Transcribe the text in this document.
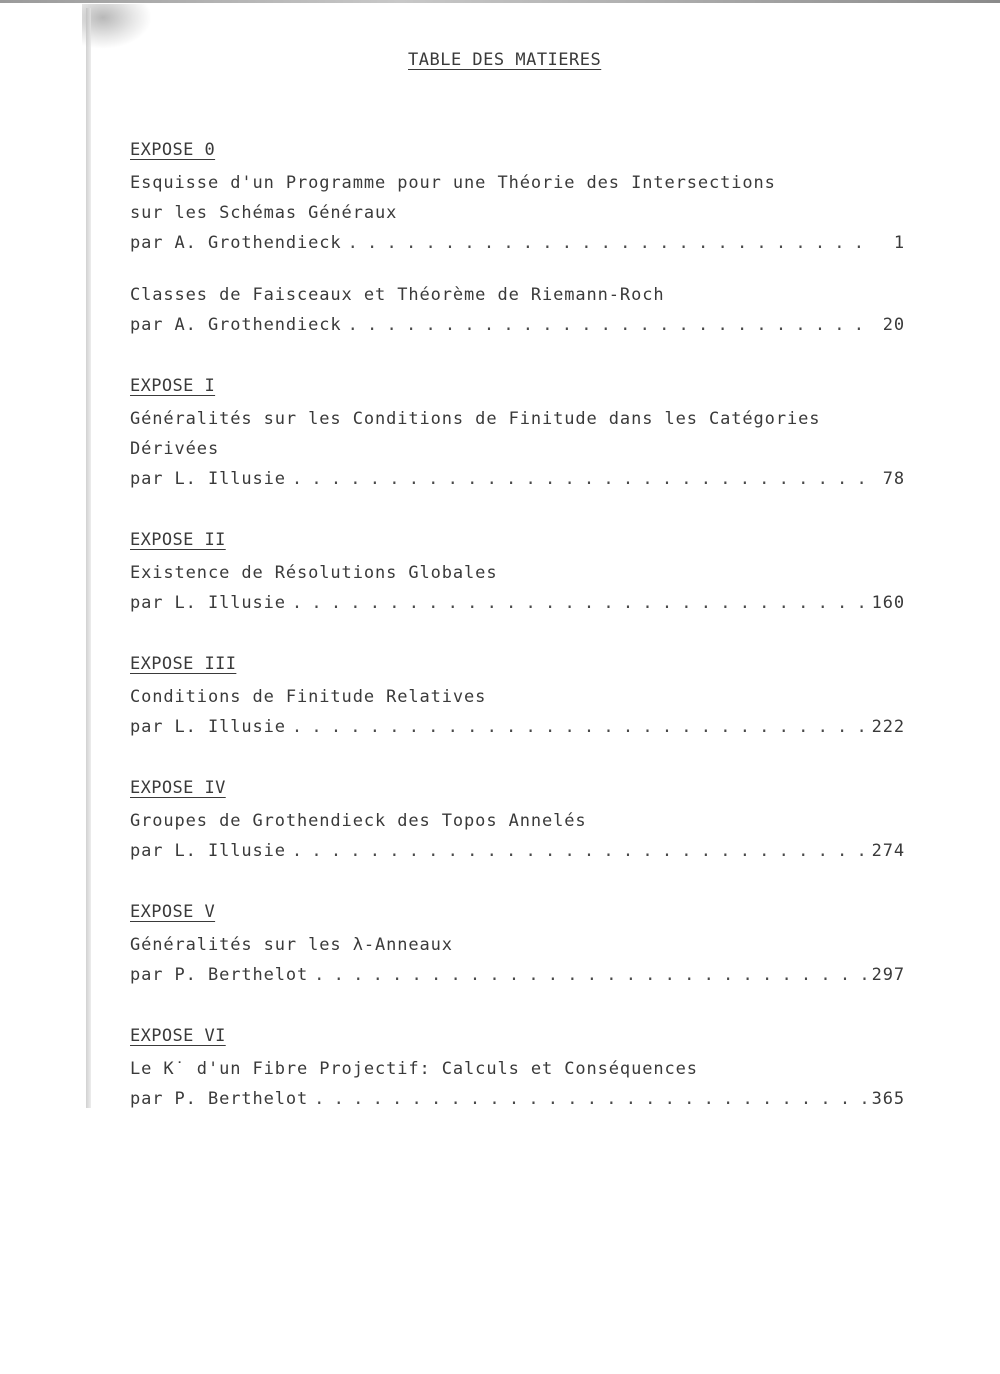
TABLE DES MATIERES
EXPOSE 0
Esquisse d'un Programme pour une Théorie des Intersections
sur les Schémas Généraux
par A. Grothendieck . . .	1
Classes de Faisceaux et Théorème de Riemann-Roch
par A. Grothendieck . . .	20
EXPOSE I
Généralités sur les Conditions de Finitude dans les Catégories
Dérivées
par L. Illusie . . .	78
EXPOSE II
Existence de Résolutions Globales
par L. Illusie . . .	160
EXPOSE III
Conditions de Finitude Relatives
par L. Illusie . . .	222
EXPOSE IV
Groupes de Grothendieck des Topos Annelés
par L. Illusie . . .	274
EXPOSE V
Généralités sur les λ-Anneaux
par P. Berthelot . . .	297
EXPOSE VI
Le K˙ d'un Fibre Projectif: Calculs et Conséquences
par P. Berthelot . . .	365
